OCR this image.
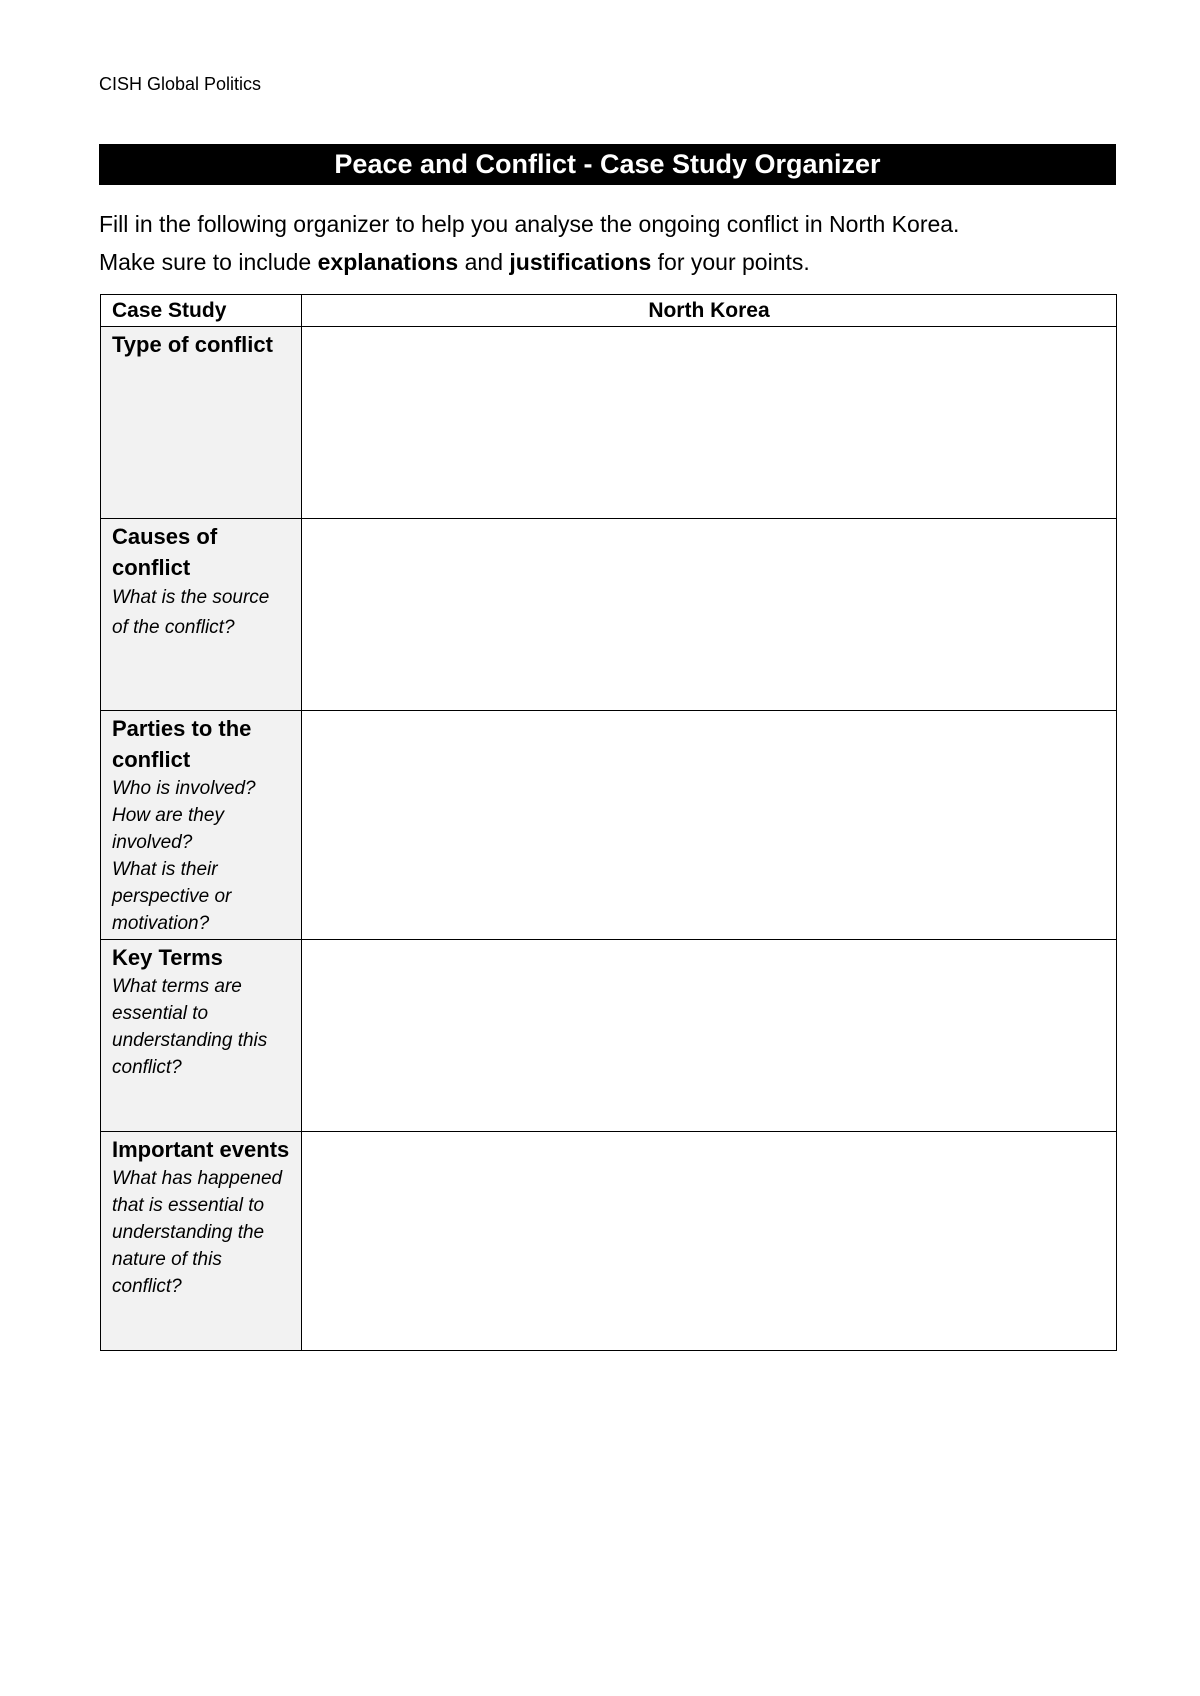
CISH Global Politics
Peace and Conflict - Case Study Organizer

Fill in the following organizer to help you analyse the ongoing conflict in North Korea.

Make sure to include explanations and justifications for your points.

Case Study	North Korea

Type of conflict	

Causes of conflict
What is the source of the conflict?	

Parties to the conflict
Who is involved?
How are they involved?
What is their perspective or motivation?	

Key Terms
What terms are essential to understanding this conflict?	

Important events
What has happened that is essential to understanding the nature of this conflict?	
